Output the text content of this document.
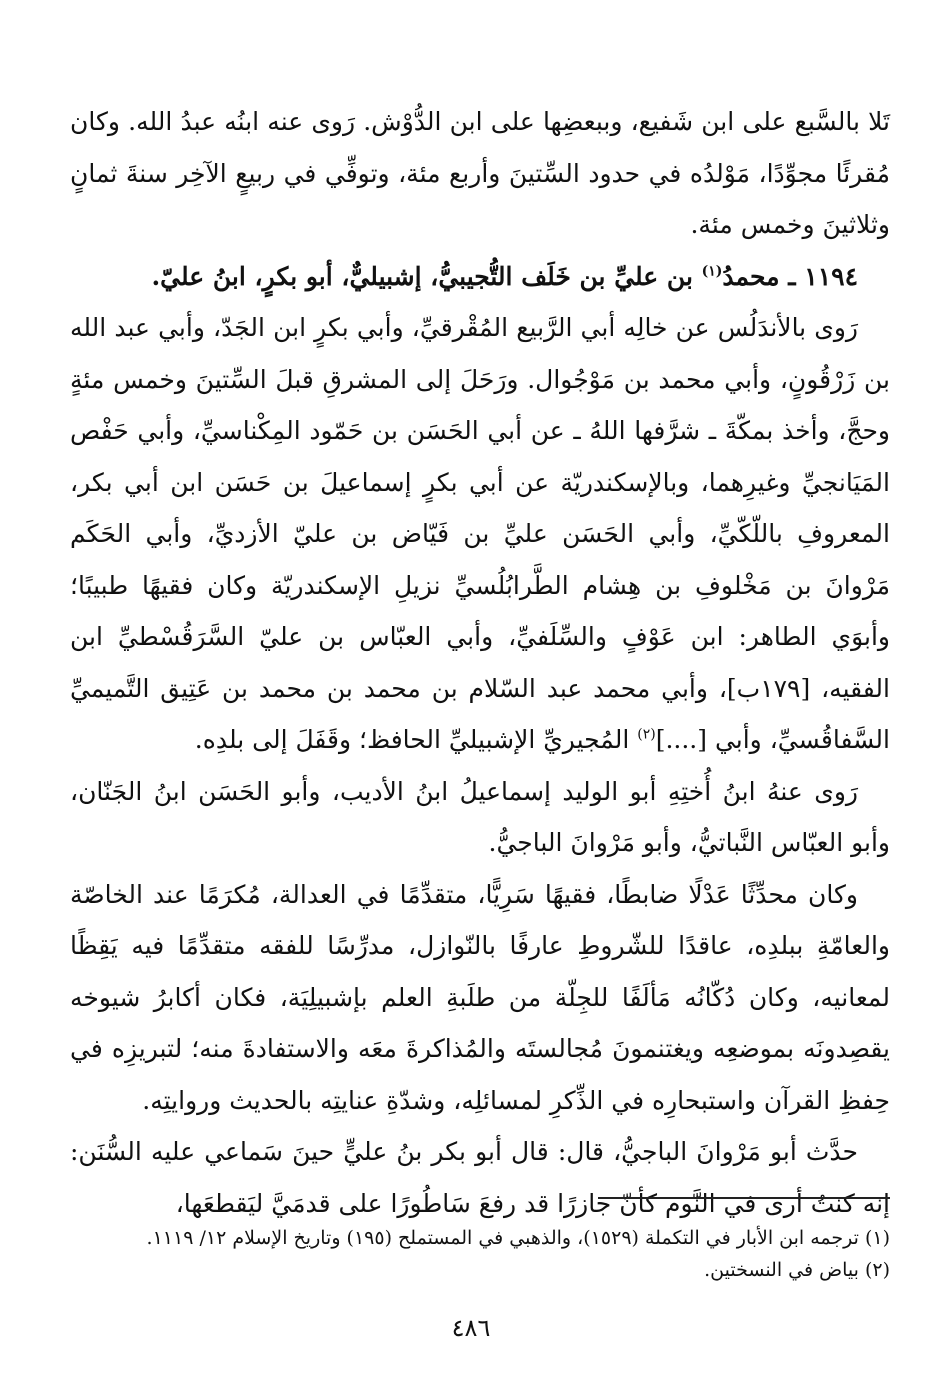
تَلا بالسَّبع على ابن شَفيع، وببعضِها على ابن الدُّوْش. رَوى عنه ابنُه عبدُ الله. وكان مُقرئًا مجوِّدًا، مَوْلدُه في حدود السِّتينَ وأربع مئة، وتوفِّي في ربيعٍ الآخِر سنةَ ثمانٍ وثلاثينَ وخمس مئة.

١١٩٤ ـ محمدُ$^{(١)}$ بن عليِّ بن خَلَف التُّجيبيُّ، إشبيليٌّ، أبو بكرٍ، ابنُ عليّ.

رَوى بالأندَلُس عن خالِه أبي الرَّبيع المُقْرقيِّ، وأبي بكرٍ ابن الجَدّ، وأبي عبد الله بن زَرْقُونٍ، وأبي محمد بن مَوْجُوال. ورَحَلَ إلى المشرقِ قبلَ السِّتينَ وخمس مئةٍ وحجَّ، وأخذ بمكّةَ ـ شرَّفها اللهُ ـ عن أبي الحَسَن بن حَمّود المِكْناسيِّ، وأبي حَفْص المَيَانجيِّ وغيرِهما، وبالإسكندريّة عن أبي بكرٍ إسماعيلَ بن حَسَن ابن أبي بكر، المعروفِ باللّكّيِّ، وأبي الحَسَن عليِّ بن فَيّاض بن عليّ الأزديِّ، وأبي الحَكَم مَرْوانَ بن مَخْلوفِ بن هِشام الطَّرابُلُسيِّ نزيلِ الإسكندريّة وكان فقيهًا طبيبًا؛ وأبوَي الطاهر: ابن عَوْفٍ والسِّلَفيِّ، وأبي العبّاس بن عليّ السَّرَقُسْطيِّ ابن الفقيه، [١٧٩ب]، وأبي محمد عبد السّلام بن محمد بن محمد بن عَتِيق التَّميميِّ السَّفاقُسيِّ، وأبي [....]$^{(٢)}$ المُجيريِّ الإشبيليِّ الحافظ؛ وقَفَلَ إلى بلدِه.

رَوى عنهُ ابنُ أُختِهِ أبو الوليد إسماعيلُ ابنُ الأديب، وأبو الحَسَن ابنُ الجَنّان، وأبو العبّاس النَّباتيُّ، وأبو مَرْوانَ الباجيُّ.

وكان محدِّثًا عَدْلًا ضابطًا، فقيهًا سَرِيًّا، متقدِّمًا في العدالة، مُكرَمًا عند الخاصّة والعامّةِ ببلدِه، عاقدًا للشّروطِ عارفًا بالنّوازل، مدرِّسًا للفقه متقدِّمًا فيه يَقِظًا لمعانيه، وكان دُكّانُه مَألَفًا للجِلّة من طلَبةِ العلم بإشبيلِيَة، فكان أكابرُ شيوخه يقصِدونَه بموضعِه ويغتنمونَ مُجالستَه والمُذاكرةَ معَه والاستفادةَ منه؛ لتبريزِه في حِفظِ القرآن واستبحارِه في الذِّكرِ لمسائلِه، وشدّةِ عنايتِه بالحديث وروايتِه.

حدَّث أبو مَرْوانَ الباجيُّ، قال: قال أبو بكر بنُ عليٍّ حينَ سَماعي عليه السُّنَن: إنه كنتُ أرى في النَّوم كأنّ جازرًا قد رفعَ سَاطُورًا على قدمَيَّ ليَقطعَها،

(١) ترجمه ابن الأبار في التكملة (١٥٢٩)، والذهبي في المستملح (١٩٥) وتاريخ الإسلام ١٢/ ١١١٩.

(٢) بياض في النسختين.

٤٨٦
